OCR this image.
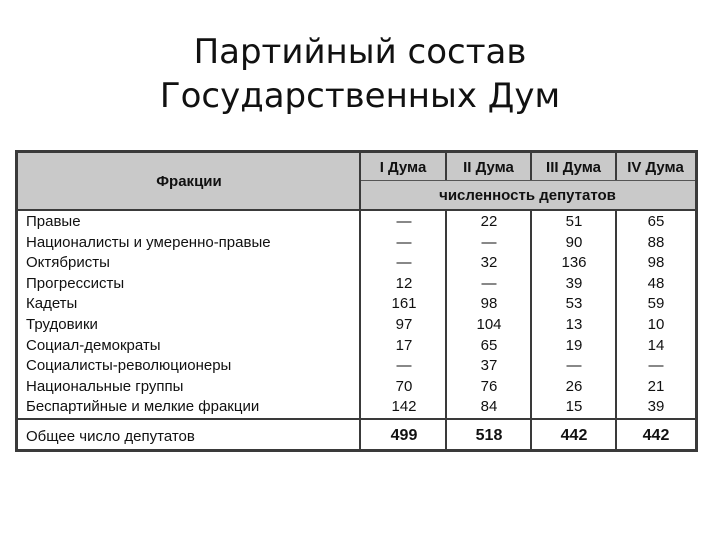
Партийный состав
Государственных Дум
Фракции
I Дума II Дума III Дума IV Дума
численность депутатов
Правые	—	22	51	65
Националисты и умеренно-правые	—	—	90	88
Октябристы	—	32	136	98
Прогрессисты	12	—	39	48
Кадеты	161	98	53	59
Трудовики	97	104	13	10
Социал-демократы	17	65	19	14
Социалисты-революционеры	—	37	—	—
Национальные группы	70	76	26	21
Беспартийные и мелкие фракции	142	84	15	39
Общее число депутатов	499	518	442	442
